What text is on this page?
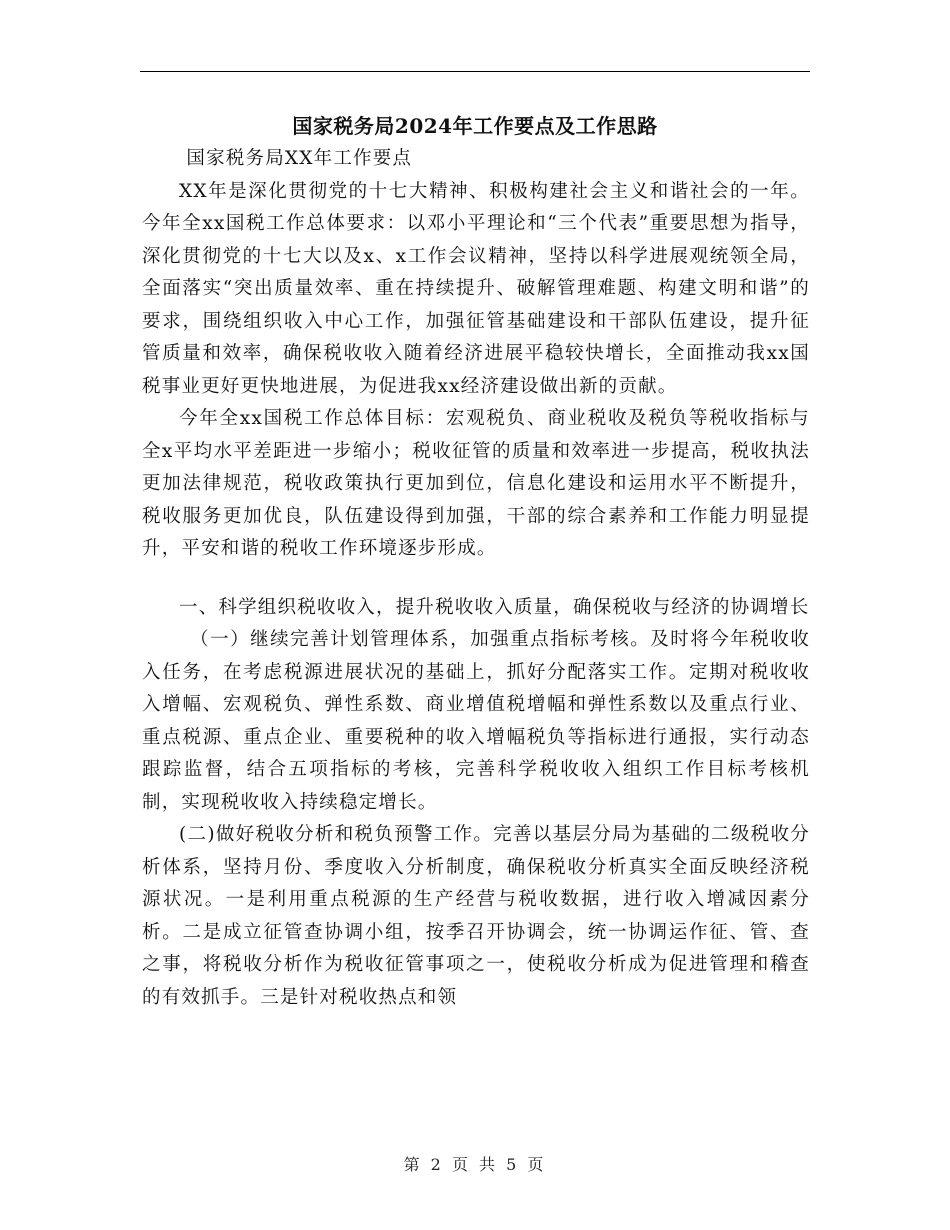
国家税务局2024年工作要点及工作思路

国家税务局XX年工作要点

XX年是深化贯彻党的十七大精神、积极构建社会主义和谐社会的一年。今年全xx国税工作总体要求：以邓小平理论和“三个代表”重要思想为指导，深化贯彻党的十七大以及x、x工作会议精神，坚持以科学进展观统领全局，全面落实“突出质量效率、重在持续提升、破解管理难题、构建文明和谐”的要求，围绕组织收入中心工作，加强征管基础建设和干部队伍建设，提升征管质量和效率，确保税收收入随着经济进展平稳较快增长，全面推动我xx国税事业更好更快地进展，为促进我xx经济建设做出新的贡献。

今年全xx国税工作总体目标：宏观税负、商业税收及税负等税收指标与全x平均水平差距进一步缩小；税收征管的质量和效率进一步提高，税收执法更加法律规范，税收政策执行更加到位，信息化建设和运用水平不断提升，税收服务更加优良，队伍建设得到加强，干部的综合素养和工作能力明显提升，平安和谐的税收工作环境逐步形成。

一、科学组织税收收入，提升税收收入质量，确保税收与经济的协调增长

（一）继续完善计划管理体系，加强重点指标考核。及时将今年税收收入任务，在考虑税源进展状况的基础上，抓好分配落实工作。定期对税收收入增幅、宏观税负、弹性系数、商业增值税增幅和弹性系数以及重点行业、重点税源、重点企业、重要税种的收入增幅税负等指标进行通报，实行动态跟踪监督，结合五项指标的考核，完善科学税收收入组织工作目标考核机制，实现税收收入持续稳定增长。

(二)做好税收分析和税负预警工作。完善以基层分局为基础的二级税收分析体系，坚持月份、季度收入分析制度，确保税收分析真实全面反映经济税源状况。一是利用重点税源的生产经营与税收数据，进行收入增减因素分析。二是成立征管查协调小组，按季召开协调会，统一协调运作征、管、查之事，将税收分析作为税收征管事项之一，使税收分析成为促进管理和稽查的有效抓手。三是针对税收热点和领

第 2 页 共 5 页
